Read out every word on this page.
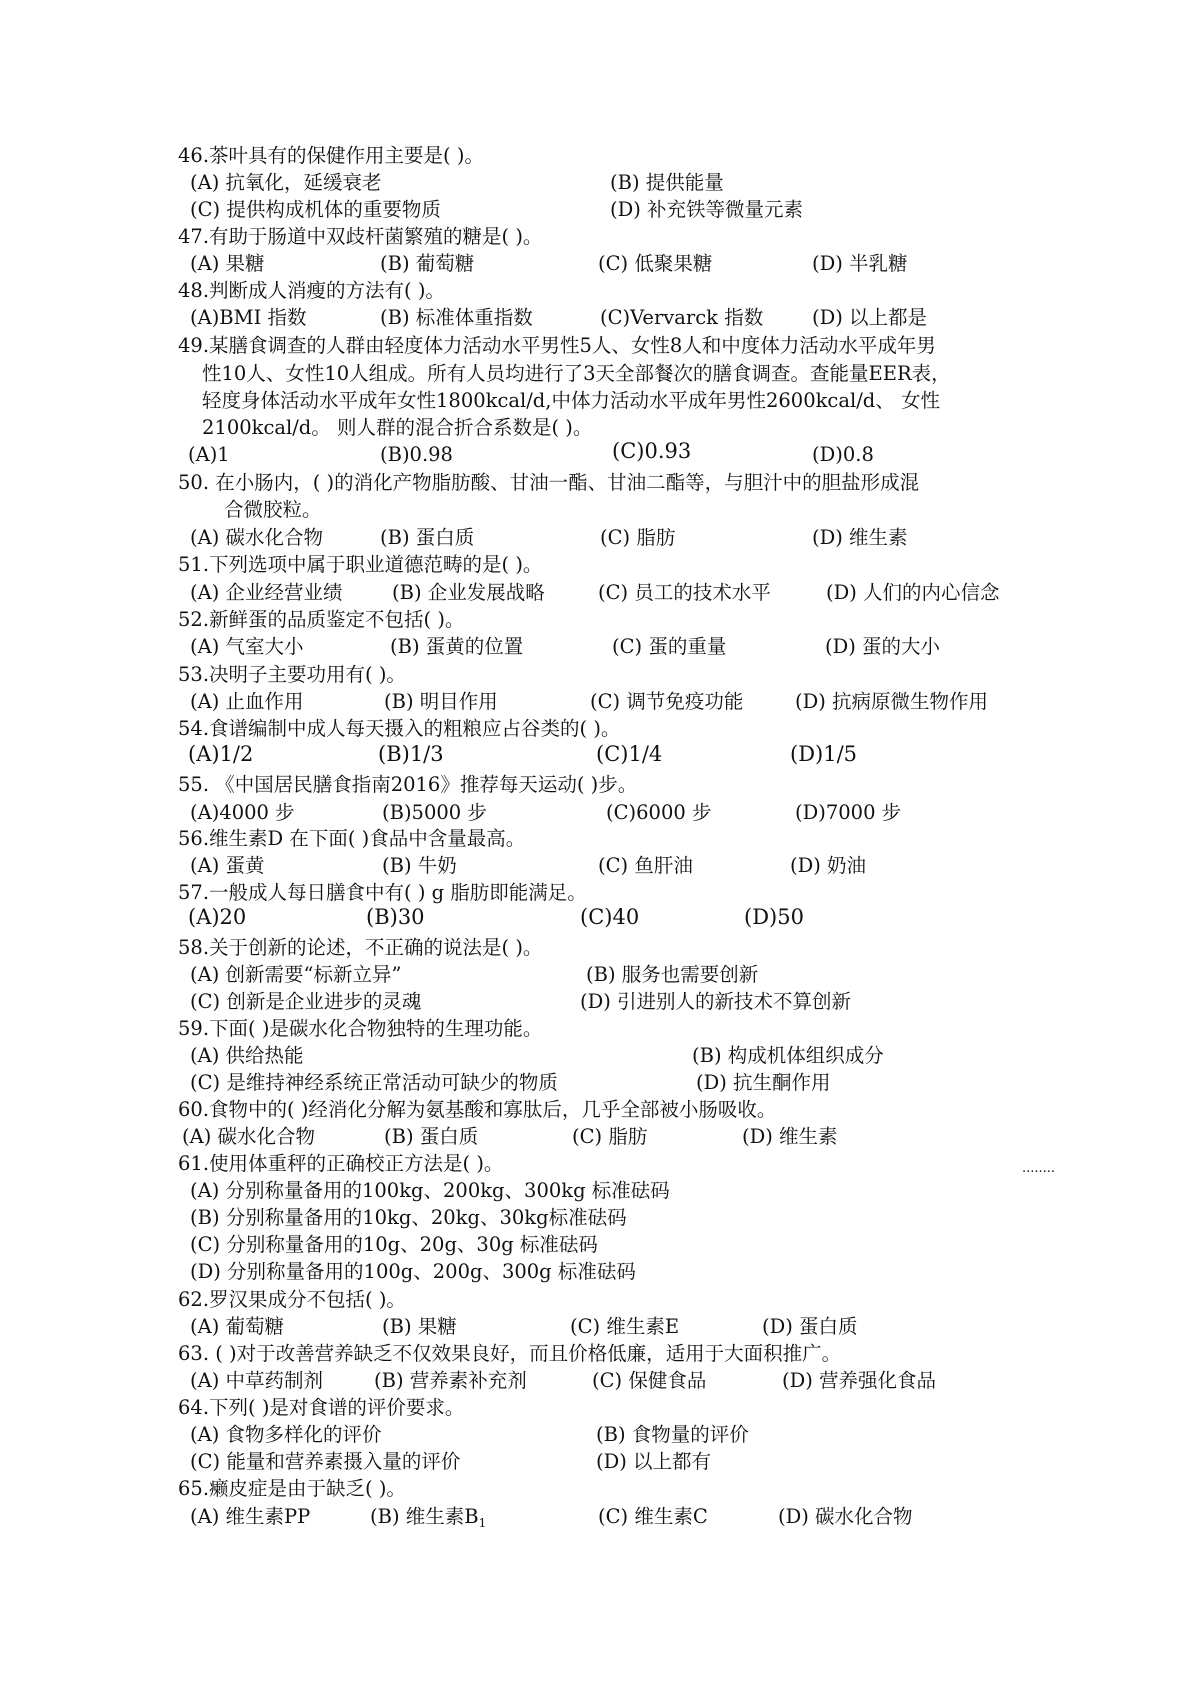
46.茶叶具有的保健作用主要是( )。
(A) 抗氧化，延缓衰老	(B) 提供能量
(C) 提供构成机体的重要物质	(D) 补充铁等微量元素
47.有助于肠道中双歧杆菌繁殖的糖是( )。
(A) 果糖	(B) 葡萄糖	(C) 低聚果糖	(D) 半乳糖
48.判断成人消瘦的方法有( )。
(A)BMI 指数	(B) 标准体重指数	(C)Vervarck 指数	(D) 以上都是
49.某膳食调查的人群由轻度体力活动水平男性5人、女性8人和中度体力活动水平成年男
性10人、女性10人组成。所有人员均进行了3天全部餐次的膳食调查。查能量EER表，
轻度身体活动水平成年女性1800kcal/d,中体力活动水平成年男性2600kcal/d、 女性
2100kcal/d。 则人群的混合折合系数是( )。
(A)1	(B)0.98	(C)0.93	(D)0.8
50. 在小肠内，( )的消化产物脂肪酸、甘油一酯、甘油二酯等，与胆汁中的胆盐形成混
合微胶粒。
(A) 碳水化合物	(B) 蛋白质	(C) 脂肪	(D) 维生素
51.下列选项中属于职业道德范畴的是( )。
(A) 企业经营业绩	(B) 企业发展战略	(C) 员工的技术水平	(D) 人们的内心信念
52.新鲜蛋的品质鉴定不包括( )。
(A) 气室大小	(B) 蛋黄的位置	(C) 蛋的重量	(D) 蛋的大小
53.决明子主要功用有( )。
(A) 止血作用	(B) 明目作用	(C) 调节免疫功能	(D) 抗病原微生物作用
54.食谱编制中成人每天摄入的粗粮应占谷类的( )。
(A)1/2	(B)1/3	(C)1/4	(D)1/5
55. 《中国居民膳食指南2016》推荐每天运动( )步。
(A)4000 步	(B)5000 步	(C)6000 步	(D)7000 步
56.维生素D 在下面( )食品中含量最高。
(A) 蛋黄	(B) 牛奶	(C) 鱼肝油	(D) 奶油
57.一般成人每日膳食中有( ) g 脂肪即能满足。
(A)20	(B)30	(C)40	(D)50
58.关于创新的论述，不正确的说法是( )。
(A) 创新需要“标新立异”	(B) 服务也需要创新
(C) 创新是企业进步的灵魂	(D) 引进别人的新技术不算创新
59.下面( )是碳水化合物独特的生理功能。
(A) 供给热能	(B) 构成机体组织成分
(C) 是维持神经系统正常活动可缺少的物质	(D) 抗生酮作用
60.食物中的( )经消化分解为氨基酸和寡肽后，几乎全部被小肠吸收。
(A) 碳水化合物	(B) 蛋白质	(C) 脂肪	(D) 维生素
61.使用体重秤的正确校正方法是( )。	........
(A) 分别称量备用的100kg、200kg、300kg 标准砝码
(B) 分别称量备用的10kg、20kg、30kg标准砝码
(C) 分别称量备用的10g、20g、30g 标准砝码
(D) 分别称量备用的100g、200g、300g 标准砝码
62.罗汉果成分不包括( )。
(A) 葡萄糖	(B) 果糖	(C) 维生素E	(D) 蛋白质
63. ( )对于改善营养缺乏不仅效果良好，而且价格低廉，适用于大面积推广。
(A) 中草药制剂	(B) 营养素补充剂	(C) 保健食品	(D) 营养强化食品
64.下列( )是对食谱的评价要求。
(A) 食物多样化的评价	(B) 食物量的评价
(C) 能量和营养素摄入量的评价	(D) 以上都有
65.癞皮症是由于缺乏( )。
(A) 维生素PP	(B) 维生素$B_1$	(C) 维生素C	(D) 碳水化合物
